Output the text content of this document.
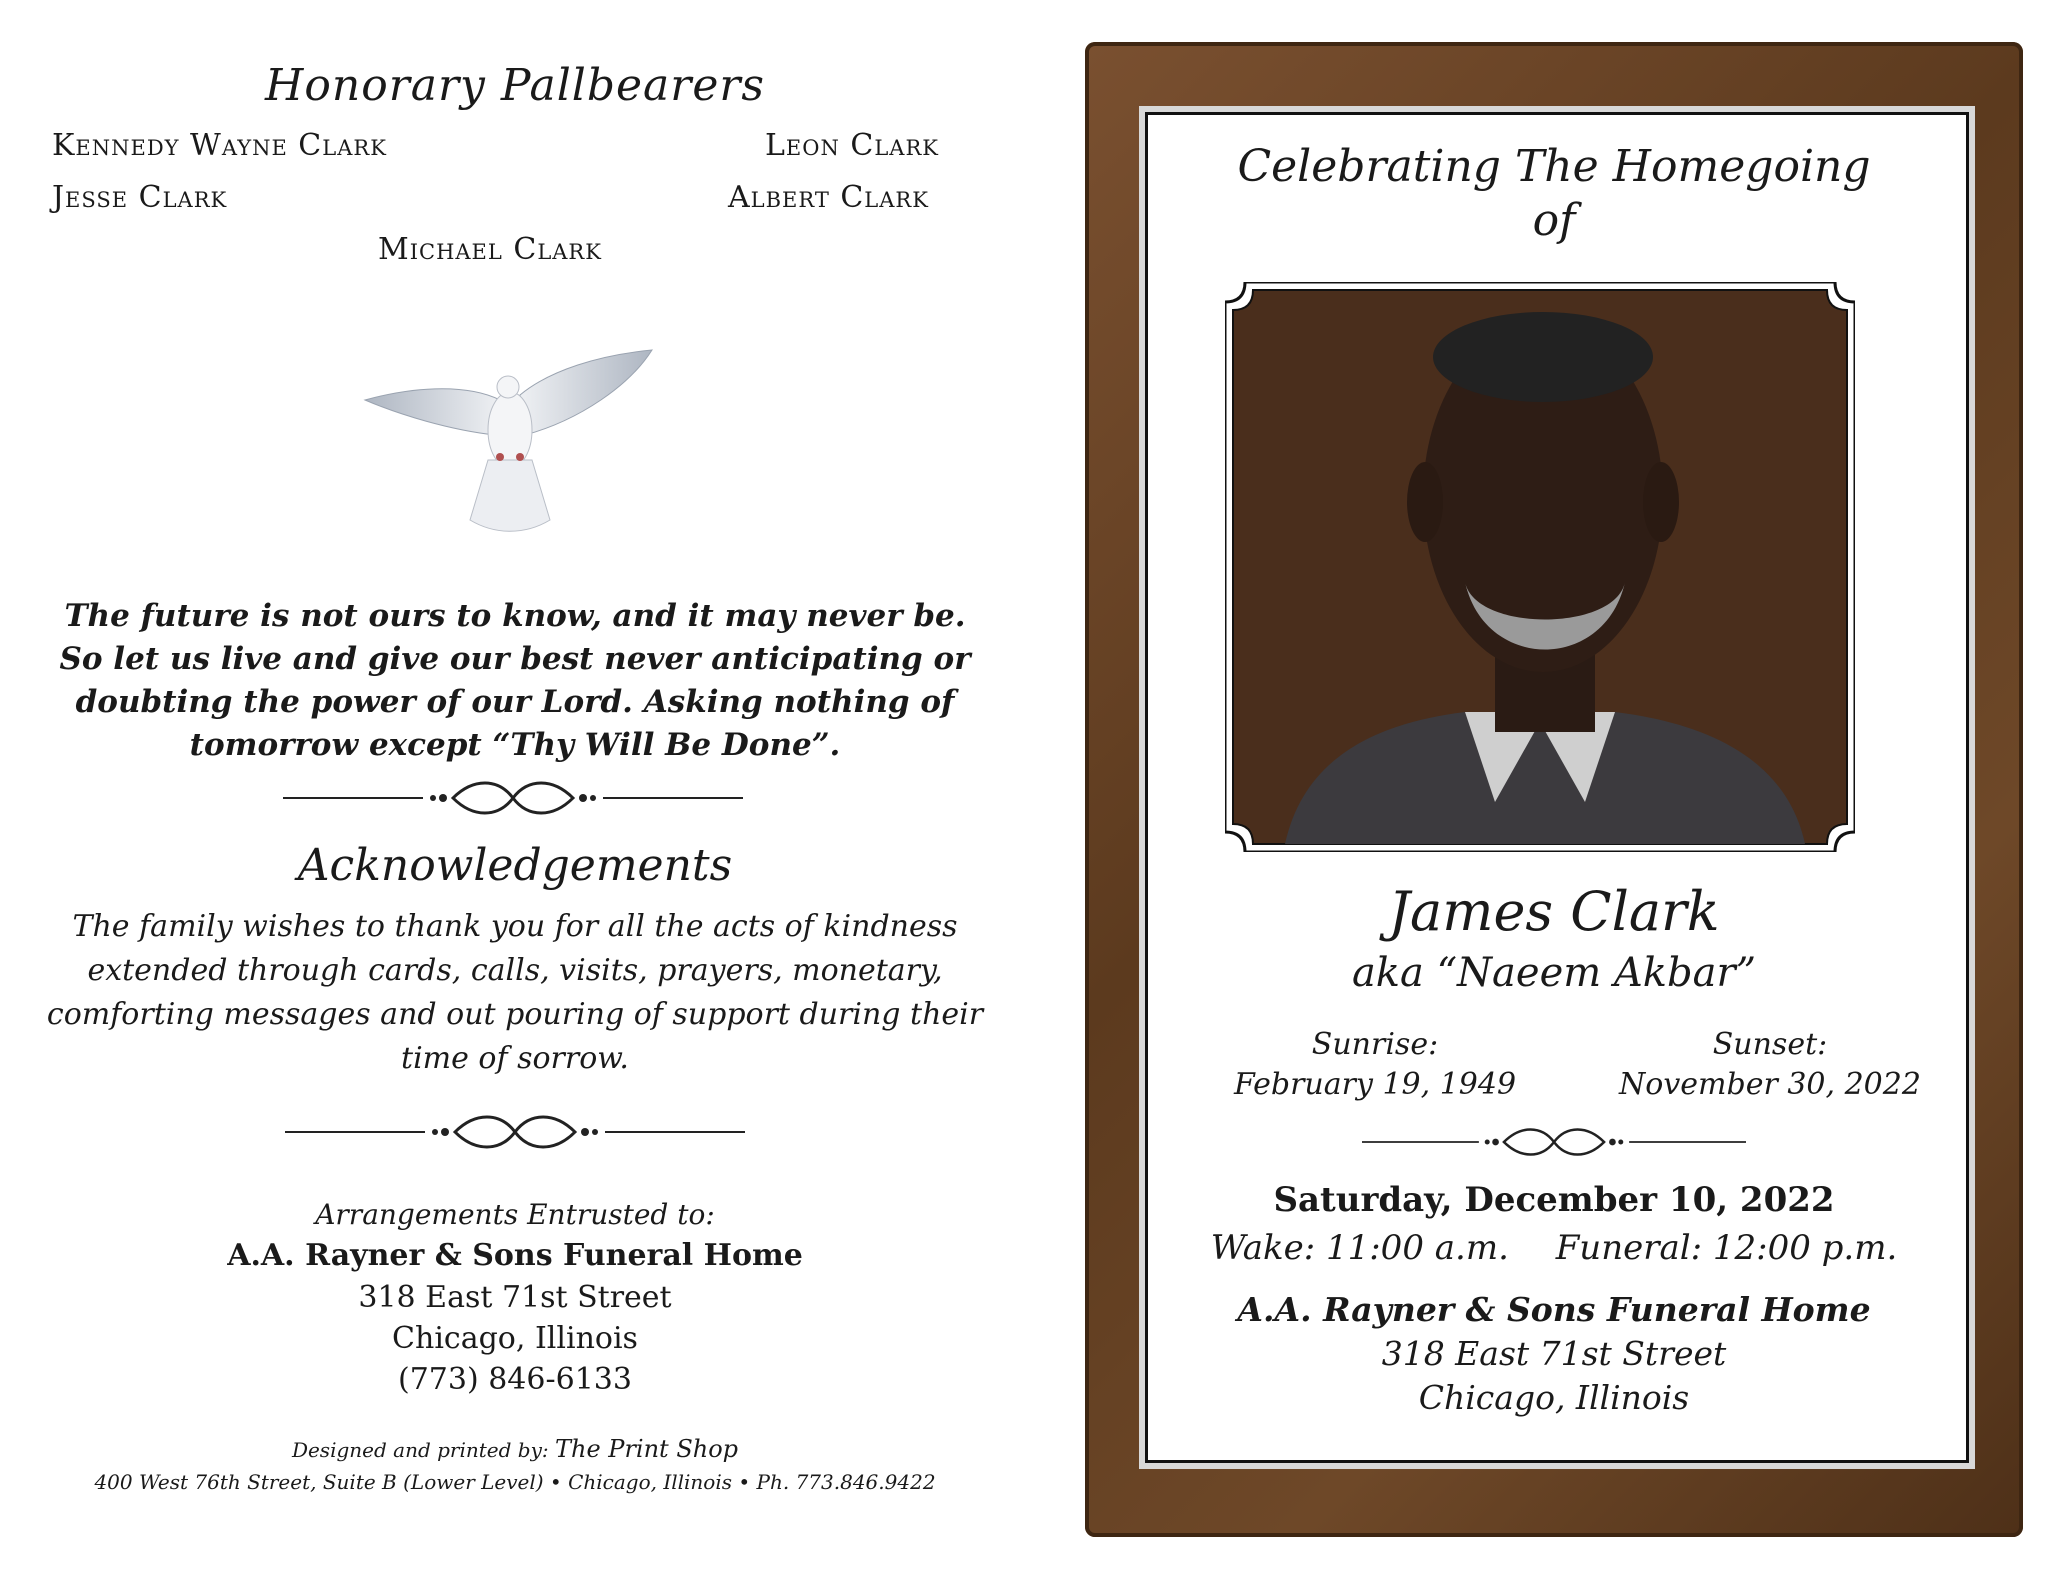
Honorary Pallbearers
Kennedy Wayne Clark	Leon Clark
Jesse Clark	Albert Clark
Michael Clark
The future is not ours to know, and it may never be. So let us live and give our best never anticipating or doubting the power of our Lord. Asking nothing of tomorrow except “Thy Will Be Done”.
Acknowledgements
The family wishes to thank you for all the acts of kindness extended through cards, calls, visits, prayers, monetary, comforting messages and out pouring of support during their time of sorrow.
Arrangements Entrusted to:
A.A. Rayner & Sons Funeral Home
318 East 71st Street
Chicago, Illinois
(773) 846-6133
Designed and printed by: The Print Shop
400 West 76th Street, Suite B (Lower Level) • Chicago, Illinois • Ph. 773.846.9422
Celebrating The Homegoing
of
James Clark
aka “Naeem Akbar”
Sunrise:
February 19, 1949
Sunset:
November 30, 2022
Saturday, December 10, 2022
Wake: 11:00 a.m. Funeral: 12:00 p.m.
A.A. Rayner & Sons Funeral Home
318 East 71st Street
Chicago, Illinois
